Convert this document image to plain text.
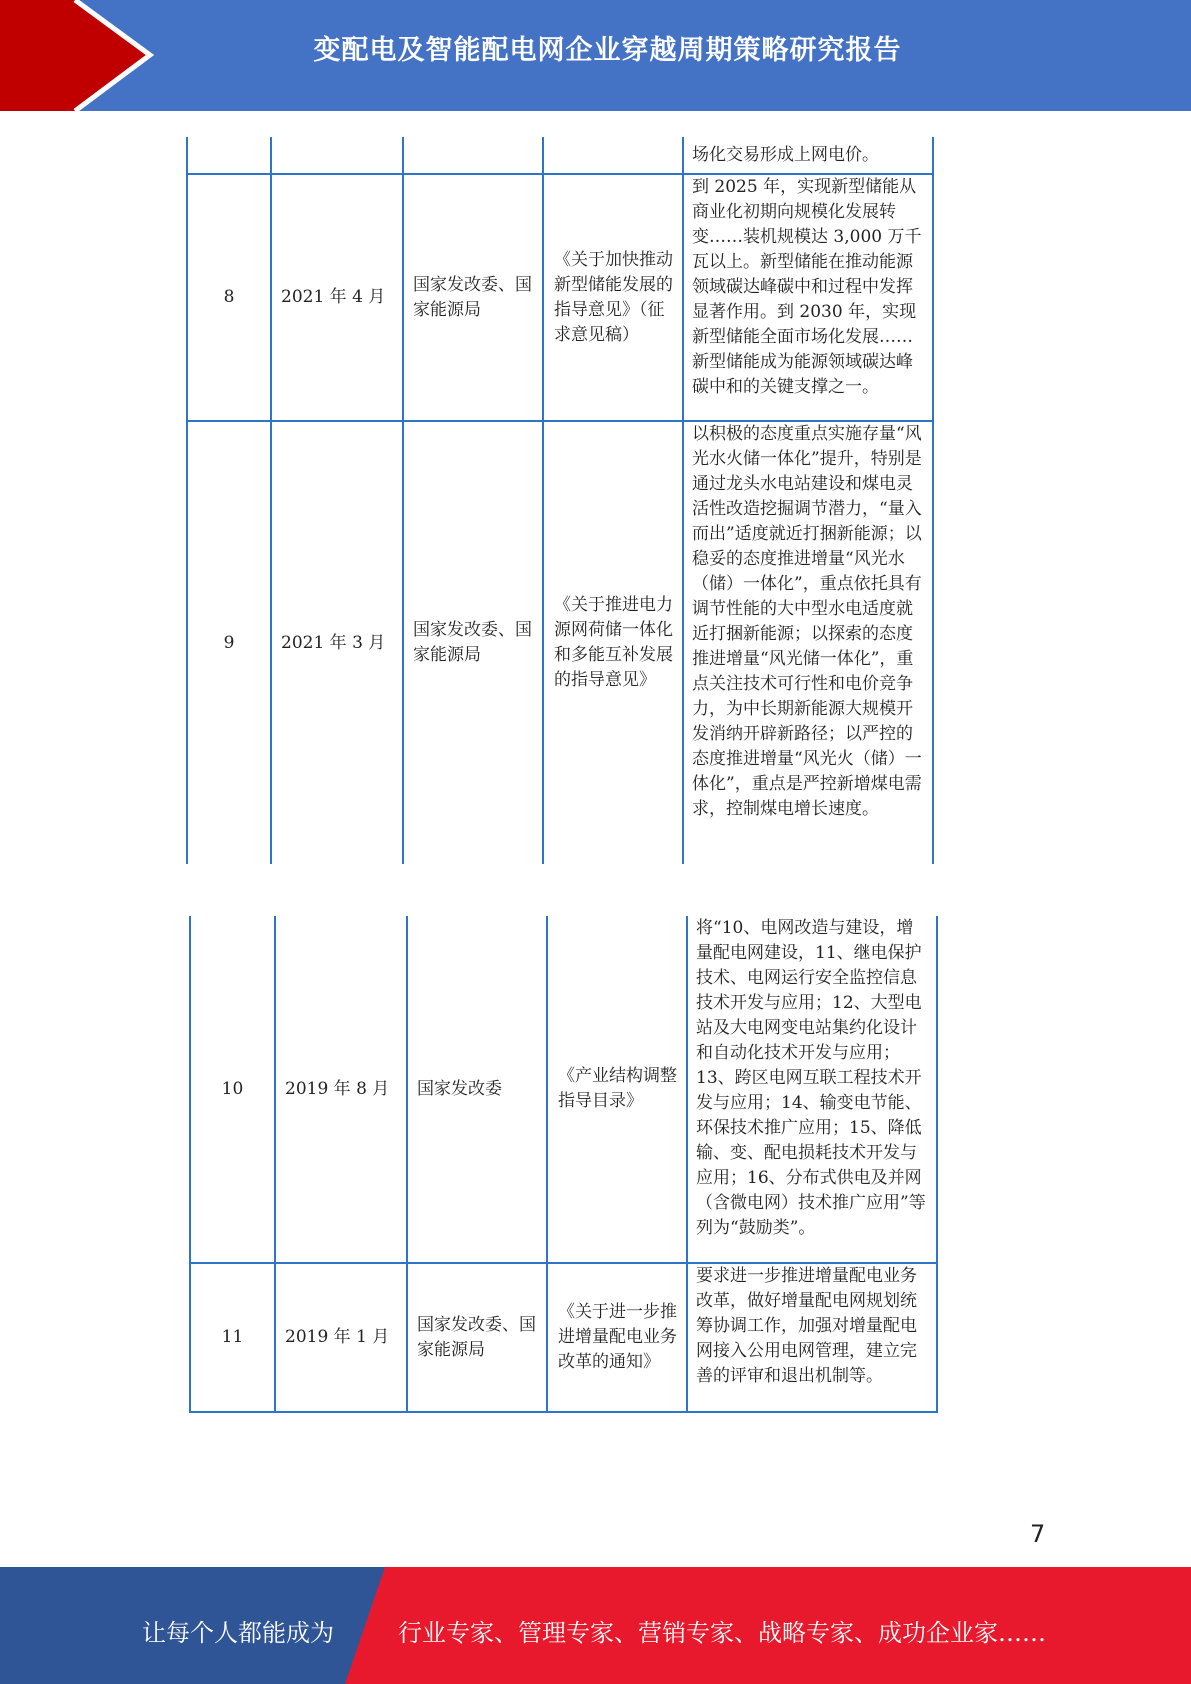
变配电及智能配电网企业穿越周期策略研究报告
				场化交易形成上网电价。
8	2021 年 4 月	国家发改委、国家能源局	《关于加快推动新型储能发展的指导意见》（征求意见稿）	到 2025 年，实现新型储能从商业化初期向规模化发展转变……装机规模达 3,000 万千瓦以上。新型储能在推动能源领域碳达峰碳中和过程中发挥显著作用。到 2030 年，实现新型储能全面市场化发展……新型储能成为能源领域碳达峰碳中和的关键支撑之一。
9	2021 年 3 月	国家发改委、国家能源局	《关于推进电力源网荷储一体化和多能互补发展的指导意见》	以积极的态度重点实施存量“风光水火储一体化”提升，特别是通过龙头水电站建设和煤电灵活性改造挖掘调节潜力，“量入而出”适度就近打捆新能源；以稳妥的态度推进增量“风光水（储）一体化”，重点依托具有调节性能的大中型水电适度就近打捆新能源；以探索的态度推进增量“风光储一体化”，重点关注技术可行性和电价竞争力，为中长期新能源大规模开发消纳开辟新路径；以严控的态度推进增量“风光火（储）一体化”，重点是严控新增煤电需求，控制煤电增长速度。
10	2019 年 8 月	国家发改委	《产业结构调整指导目录》	将“10、电网改造与建设，增量配电网建设，11、继电保护技术、电网运行安全监控信息技术开发与应用；12、大型电站及大电网变电站集约化设计和自动化技术开发与应用；13、跨区电网互联工程技术开发与应用；14、输变电节能、环保技术推广应用；15、降低输、变、配电损耗技术开发与应用；16、分布式供电及并网（含微电网）技术推广应用”等列为“鼓励类”。
11	2019 年 1 月	国家发改委、国家能源局	《关于进一步推进增量配电业务改革的通知》	要求进一步推进增量配电业务改革，做好增量配电网规划统筹协调工作，加强对增量配电网接入公用电网管理，建立完善的评审和退出机制等。
7
让每个人都能成为	行业专家、管理专家、营销专家、战略专家、成功企业家……
